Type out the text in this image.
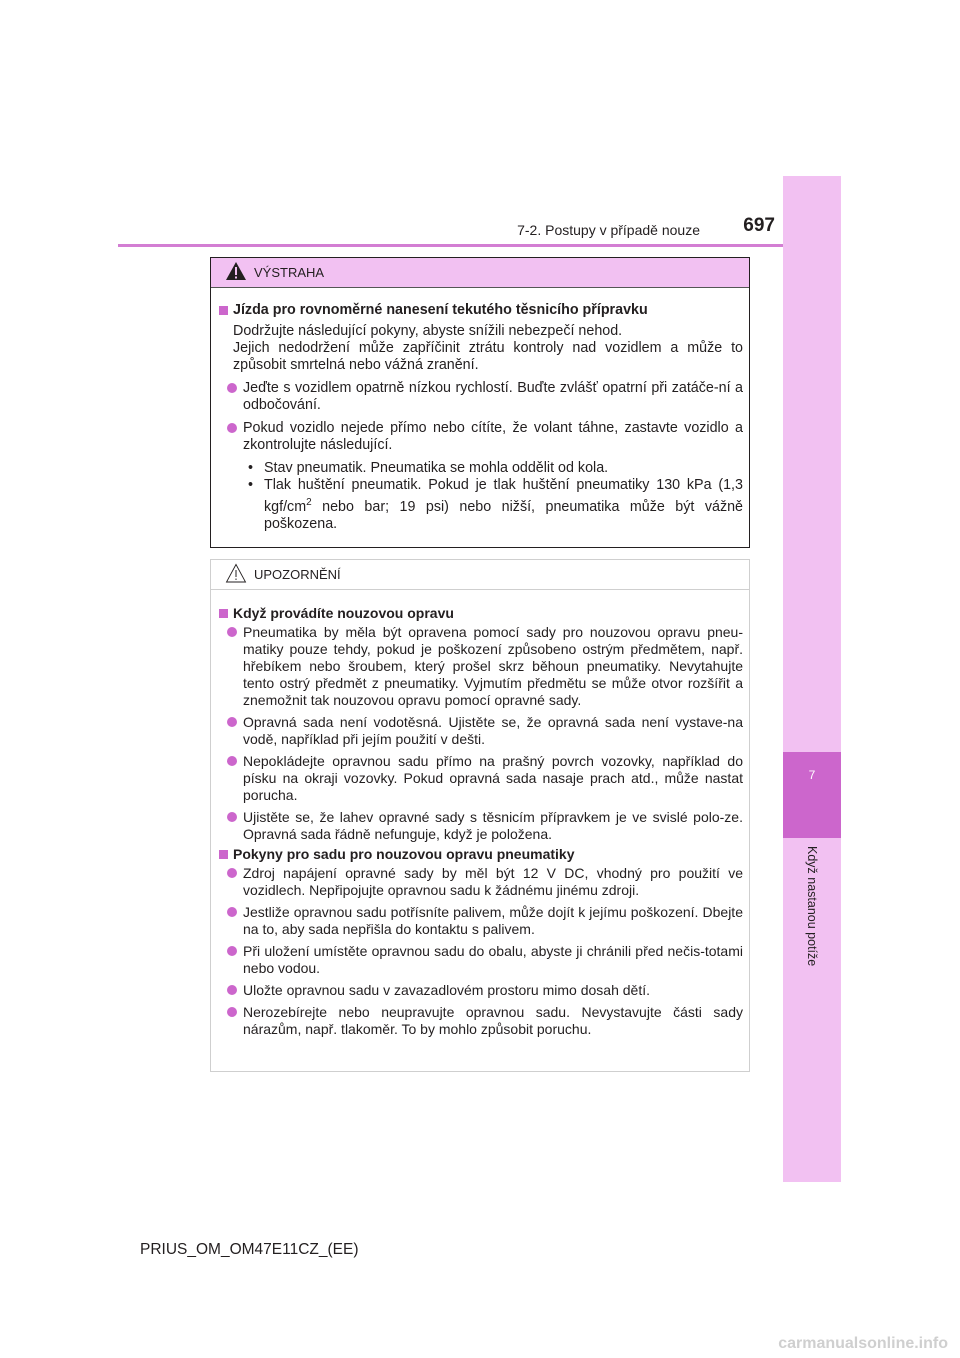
7
Když nastanou potíže
7-2. Postupy v případě nouze	697
VÝSTRAHA
Jízda pro rovnoměrné nanesení tekutého těsnicího přípravku

Dodržujte následující pokyny, abyste snížili nebezpečí nehod.

Jejich nedodržení může zapříčinit ztrátu kontroly nad vozidlem a může to způsobit smrtelná nebo vážná zranění.

Jeďte s vozidlem opatrně nízkou rychlostí. Buďte zvlášť opatrní při zatáče-ní a odbočování.
Pokud vozidlo nejede přímo nebo cítíte, že volant táhne, zastavte vozidlo a zkontrolujte následující.
• Stav pneumatik. Pneumatika se mohla oddělit od kola.
• Tlak huštění pneumatik. Pokud je tlak huštění pneumatiky 130 kPa (1,3 kgf/$cm^2$ nebo bar; 19 psi) nebo nižší, pneumatika může být vážně poškozena.
UPOZORNĚNÍ
Když provádíte nouzovou opravu
Pneumatika by měla být opravena pomocí sady pro nouzovou opravu pneu-matiky pouze tehdy, pokud je poškození způsobeno ostrým předmětem, např. hřebíkem nebo šroubem, který prošel skrz běhoun pneumatiky. Nevytahujte tento ostrý předmět z pneumatiky. Vyjmutím předmětu se může otvor rozšířit a znemožnit tak nouzovou opravu pomocí opravné sady.
Opravná sada není vodotěsná. Ujistěte se, že opravná sada není vystave-na vodě, například při jejím použití v dešti.
Nepokládejte opravnou sadu přímo na prašný povrch vozovky, například do písku na okraji vozovky. Pokud opravná sada nasaje prach atd., může nastat porucha.
Ujistěte se, že lahev opravné sady s těsnicím přípravkem je ve svislé polo-ze. Opravná sada řádně nefunguje, když je položena.
Pokyny pro sadu pro nouzovou opravu pneumatiky
Zdroj napájení opravné sady by měl být 12 V DC, vhodný pro použití ve vozidlech. Nepřipojujte opravnou sadu k žádnému jinému zdroji.
Jestliže opravnou sadu potřísníte palivem, může dojít k jejímu poškození. Dbejte na to, aby sada nepřišla do kontaktu s palivem.
Při uložení umístěte opravnou sadu do obalu, abyste ji chránili před nečis-totami nebo vodou.
Uložte opravnou sadu v zavazadlovém prostoru mimo dosah dětí.
Nerozebírejte nebo neupravujte opravnou sadu. Nevystavujte části sady nárazům, např. tlakoměr. To by mohlo způsobit poruchu.
PRIUS_OM_OM47E11CZ_(EE)
carmanualsonline.info
